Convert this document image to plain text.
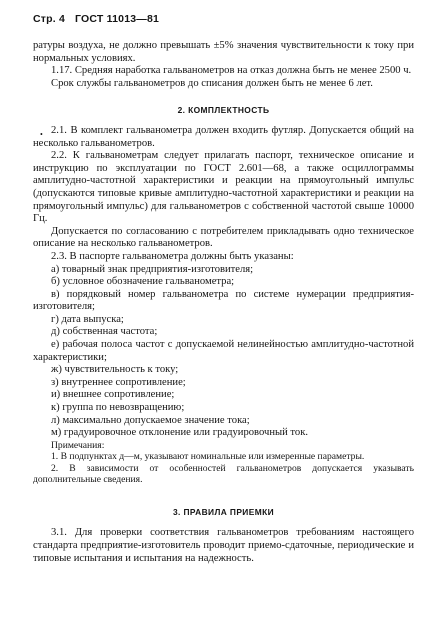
Стр. 4 ГОСТ 11013—81
•

ратуры воздуха, не должно превышать ±5% значения чувствительности к току при нормальных условиях.

1.17. Средняя наработка гальванометров на отказ должна быть не менее 2500 ч.

Срок службы гальванометров до списания должен быть не менее 6 лет.

2. КОМПЛЕКТНОСТЬ

2.1. В комплект гальванометра должен входить футляр. Допускается общий на несколько гальванометров.

2.2. К гальванометрам следует прилагать паспорт, техническое описание и инструкцию по эксплуатации по ГОСТ 2.601—68, а также осциллограммы амплитудно-частотной характеристики и реакции на прямоугольный импульс (допускаются типовые кривые амплитудно-частотной характеристики и реакции на прямоугольный импульс) для гальванометров с собственной частотой свыше 10000 Гц.

Допускается по согласованию с потребителем прикладывать одно техническое описание на несколько гальванометров.

2.3. В паспорте гальванометра должны быть указаны:

а) товарный знак предприятия-изготовителя;

б) условное обозначение гальванометра;

в) порядковый номер гальванометра по системе нумерации предприятия-изготовителя;

г) дата выпуска;

д) собственная частота;

е) рабочая полоса частот с допускаемой нелинейностью амплитудно-частотной характеристики;

ж) чувствительность к току;

з) внутреннее сопротивление;

и) внешнее сопротивление;

к) группа по невозвращению;

л) максимально допускаемое значение тока;

м) градуировочное отклонение или градуировочный ток.

Примечания:

1. В подпунктах д—м, указывают номинальные или измеренные параметры.

2. В зависимости от особенностей гальванометров допускается указывать дополнительные сведения.

3. ПРАВИЛА ПРИЕМКИ

3.1. Для проверки соответствия гальванометров требованиям настоящего стандарта предприятие-изготовитель проводит приемо-сдаточные, периодические и типовые испытания и испытания на надежность.
